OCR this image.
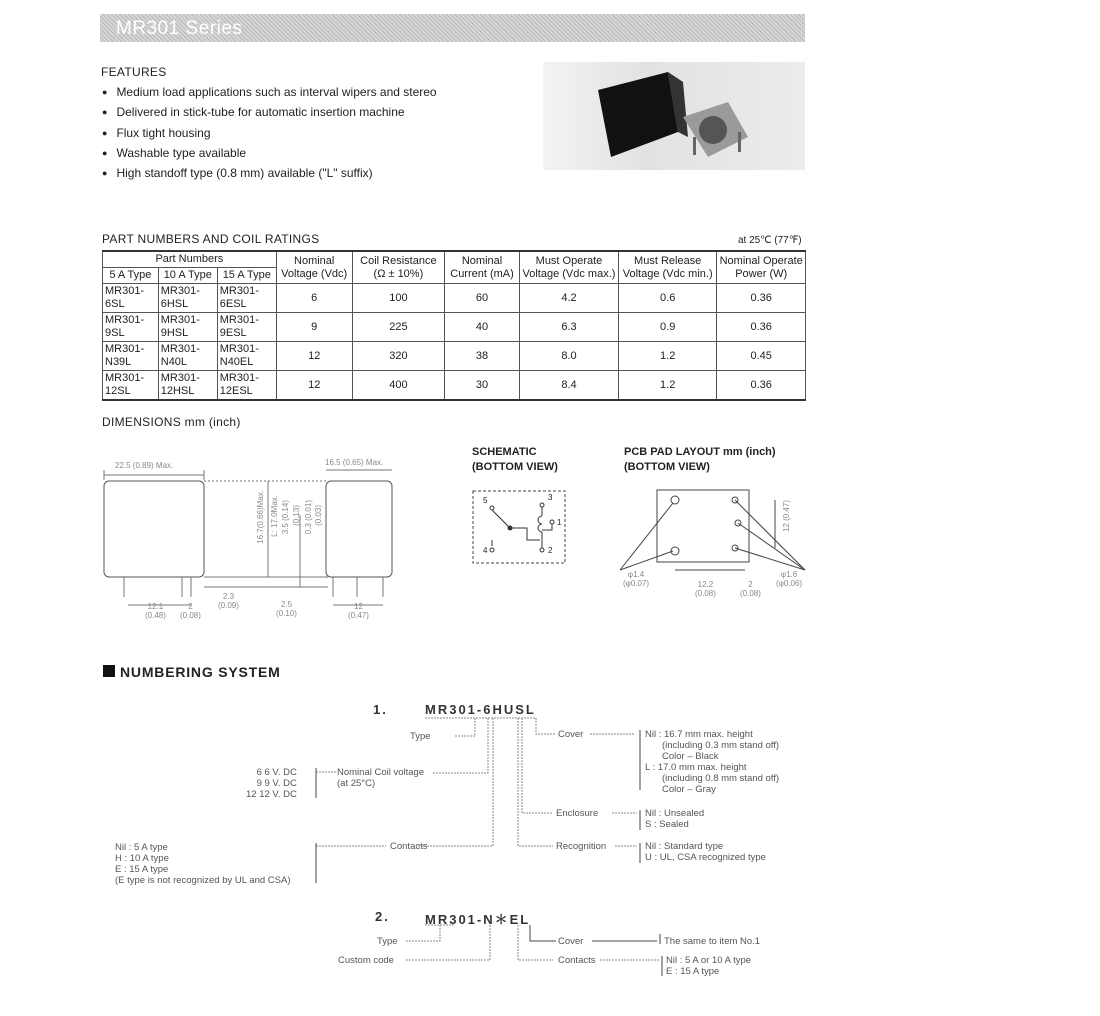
MR301 Series
FEATURES
● Medium load applications such as interval wipers and stereo
● Delivered in stick-tube for automatic insertion machine
● Flux tight housing
● Washable type available
● High standoff type (0.8 mm) available ("L" suffix)
PART NUMBERS AND COIL RATINGS	at 25℃ (77℉)
Part Numbers			Nominal Voltage (Vdc)	Coil Resistance (Ω ± 10%)	Nominal Current (mA)	Must Operate Voltage (Vdc max.)	Must Release Voltage (Vdc min.)	Nominal Operate Power (W)
5 A Type	10 A Type	15 A Type						
MR301-6SL	MR301-6HSL	MR301-6ESL	6	100	60	4.2	0.6	0.36
MR301-9SL	MR301-9HSL	MR301-9ESL	9	225	40	6.3	0.9	0.36
MR301-N39L	MR301-N40L	MR301-N40EL	12	320	38	8.0	1.2	0.45
MR301-12SL	MR301-12HSL	MR301-12ESL	12	400	30	8.4	1.2	0.36
DIMENSIONS mm (inch)
22.5 (0.89) Max.	16.5 (0.65) Max.
16.7(0.66)Max. L: 17.0Max. 3.5 (0.14) (0.13) 0.3 (0.01) (0.03)
12.1
(0.48)
2
(0.08)
2.3
(0.09)	2.5
(0.10)
12
(0.47)
SCHEMATIC
(BOTTOM VIEW)
5	3
1
4	2
PCB PAD LAYOUT mm (inch)
(BOTTOM VIEW)
φ1.4
(φ0.07)	12.2
(0.08)
2
(0.08)
φ1.6
(φ0.06)
12 (0.47)
NUMBERING SYSTEM
1.	MR301-6HUSL
Type
Nominal Coil voltage
(at 25°C)
6 6 V. DC
9 9 V. DC
12 12 V. DC
Contacts
Nil : 5 A type
H : 10 A type
E : 15 A type
(E type is not recognized by UL and CSA)
Cover	Nil : 16.7 mm max. height
(including 0.3 mm stand off)
Color – Black
L : 17.0 mm max. height
(including 0.8 mm stand off)
Color – Gray
Enclosure	Nil : Unsealed
S : Sealed
Recognition	Nil : Standard type
U : UL, CSA recognized type
2.	MR301-N＊EL
Type
Custom code
Cover	The same to item No.1
Contacts	Nil : 5 A or 10 A type
E : 15 A type
